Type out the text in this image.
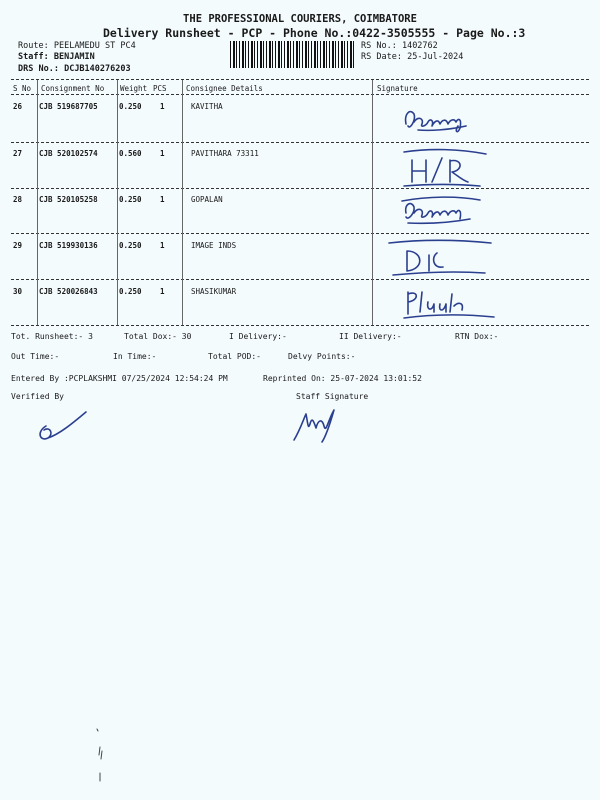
THE PROFESSIONAL COURIERS, COIMBATORE
Delivery Runsheet - PCP - Phone No.:0422-3505555 - Page No.:3
Route: PEELAMEDU ST PC4
Staff: BENJAMIN
DRS No.: DCJB140276203
RS No.: 1402762
RS Date: 25-Jul-2024
S No Consignment No Weight PCS	Consignee Details	Signature
26 CJB 519687705	0.250 1	KAVITHA
27 CJB 520102574	0.560 1	PAVITHARA 73311
28 CJB 520105258	0.250 1	GOPALAN
29 CJB 519930136	0.250 1	IMAGE INDS
30 CJB 520026843	0.250 1	SHASIKUMAR
Tot. Runsheet:- 3	Total Dox:- 30	I Delivery:-	II Delivery:-	RTN Dox:-
Out Time:-	In Time:-	Total POD:-	Delvy Points:-
Entered By :PCPLAKSHMI 07/25/2024 12:54:24 PM	Reprinted On: 25-07-2024 13:01:52
Verified By	Staff Signature
